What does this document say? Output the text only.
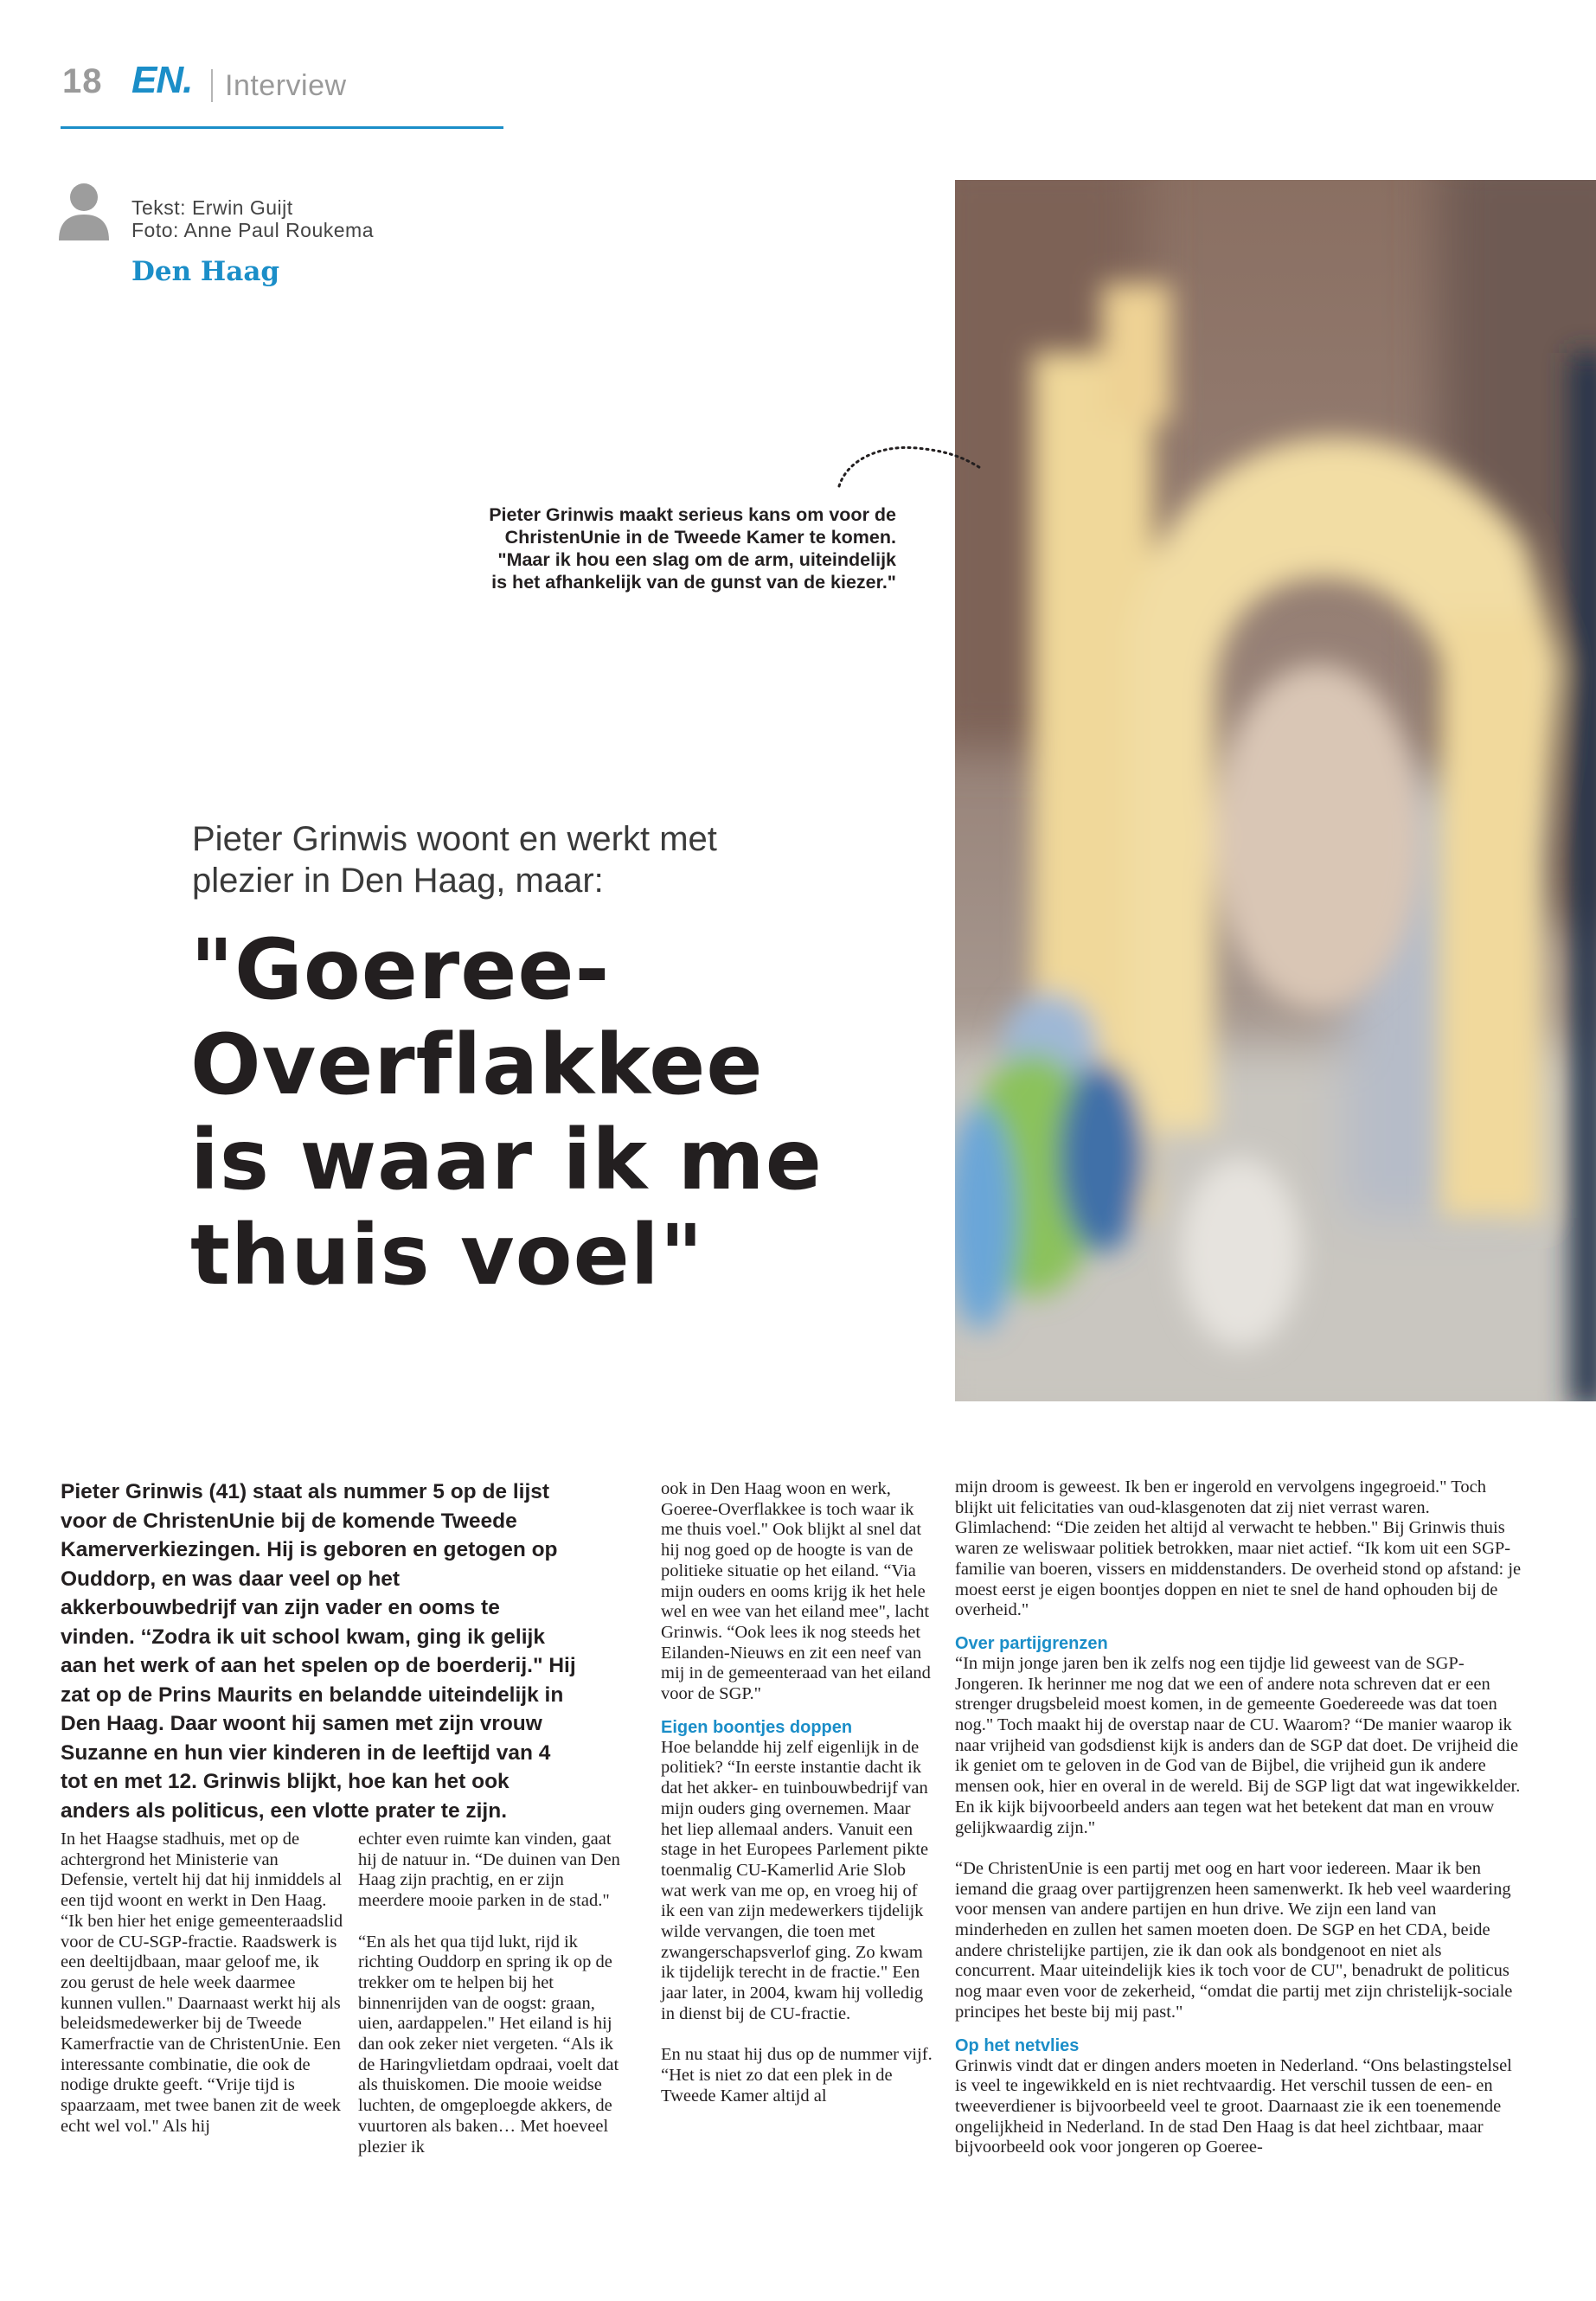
18 EN. Interview
Tekst: Erwin Guijt
Foto: Anne Paul Roukema
Den Haag
Pieter Grinwis maakt serieus kans om voor de ChristenUnie in de Tweede Kamer te komen. "Maar ik hou een slag om de arm, uiteindelijk is het afhankelijk van de gunst van de kiezer."
Pieter Grinwis woont en werkt met plezier in Den Haag, maar:
"Goeree-
Overflakkee
is waar ik me
thuis voel"

Pieter Grinwis (41) staat als nummer 5 op de lijst voor de ChristenUnie bij de komende Tweede Kamerverkiezingen. Hij is geboren en getogen op Ouddorp, en was daar veel op het akkerbouwbedrijf van zijn vader en ooms te vinden. ‘‘Zodra ik uit school kwam, ging ik gelijk aan het werk of aan het spelen op de boerderij." Hij zat op de Prins Maurits en belandde uiteindelijk in Den Haag. Daar woont hij samen met zijn vrouw Suzanne en hun vier kinderen in de leeftijd van 4 tot en met 12. Grinwis blijkt, hoe kan het ook anders als politicus, een vlotte prater te zijn.

In het Haagse stadhuis, met op de achtergrond het Ministerie van Defensie, vertelt hij dat hij inmiddels al een tijd woont en werkt in Den Haag. “Ik ben hier het enige gemeenteraadslid voor de CU-SGP-fractie. Raadswerk is een deeltijdbaan, maar geloof me, ik zou gerust de hele week daarmee kunnen vullen." Daarnaast werkt hij als beleidsmedewerker bij de Tweede Kamerfractie van de ChristenUnie. Een interessante combinatie, die ook de nodige drukte geeft. “Vrije tijd is spaarzaam, met twee banen zit de week echt wel vol." Als hij

echter even ruimte kan vinden, gaat hij de natuur in. “De duinen van Den Haag zijn prachtig, en er zijn meerdere mooie parken in de stad."

“En als het qua tijd lukt, rijd ik richting Ouddorp en spring ik op de trekker om te helpen bij het binnenrijden van de oogst: graan, uien, aardappelen." Het eiland is hij dan ook zeker niet vergeten. “Als ik de Haringvlietdam opdraai, voelt dat als thuiskomen. Die mooie weidse luchten, de omgeploegde akkers, de vuurtoren als baken… Met hoeveel plezier ik

ook in Den Haag woon en werk, Goeree-Overflakkee is toch waar ik me thuis voel." Ook blijkt al snel dat hij nog goed op de hoogte is van de politieke situatie op het eiland. “Via mijn ouders en ooms krijg ik het hele wel en wee van het eiland mee", lacht Grinwis. “Ook lees ik nog steeds het Eilanden-Nieuws en zit een neef van mij in de gemeenteraad van het eiland voor de SGP."

Eigen boontjes doppen

Hoe belandde hij zelf eigenlijk in de politiek? “In eerste instantie dacht ik dat het akker- en tuinbouwbedrijf van mijn ouders ging overnemen. Maar het liep allemaal anders. Vanuit een stage in het Europees Parlement pikte toenmalig CU-Kamerlid Arie Slob wat werk van me op, en vroeg hij of ik een van zijn medewerkers tijdelijk wilde vervangen, die toen met zwangerschapsverlof ging. Zo kwam ik tijdelijk terecht in de fractie." Een jaar later, in 2004, kwam hij volledig in dienst bij de CU-fractie.

En nu staat hij dus op de nummer vijf. “Het is niet zo dat een plek in de Tweede Kamer altijd al

mijn droom is geweest. Ik ben er ingerold en vervolgens ingegroeid." Toch blijkt uit felicitaties van oud-klasgenoten dat zij niet verrast waren. Glimlachend: “Die zeiden het altijd al verwacht te hebben." Bij Grinwis thuis waren ze weliswaar politiek betrokken, maar niet actief. “Ik kom uit een SGP-familie van boeren, vissers en middenstanders. De overheid stond op afstand: je moest eerst je eigen boontjes doppen en niet te snel de hand ophouden bij de overheid."

Over partijgrenzen

“In mijn jonge jaren ben ik zelfs nog een tijdje lid geweest van de SGP-Jongeren. Ik herinner me nog dat we een of andere nota schreven dat er een strenger drugsbeleid moest komen, in de gemeente Goedereede was dat toen nog." Toch maakt hij de overstap naar de CU. Waarom? “De manier waarop ik naar vrijheid van godsdienst kijk is anders dan de SGP dat doet. De vrijheid die ik geniet om te geloven in de God van de Bijbel, die vrijheid gun ik andere mensen ook, hier en overal in de wereld. Bij de SGP ligt dat wat ingewikkelder. En ik kijk bijvoorbeeld anders aan tegen wat het betekent dat man en vrouw gelijkwaardig zijn."

“De ChristenUnie is een partij met oog en hart voor iedereen. Maar ik ben iemand die graag over partijgrenzen heen samenwerkt. Ik heb veel waardering voor mensen van andere partijen en hun drive. We zijn een land van minderheden en zullen het samen moeten doen. De SGP en het CDA, beide andere christelijke partijen, zie ik dan ook als bondgenoot en niet als concurrent. Maar uiteindelijk kies ik toch voor de CU", benadrukt de politicus nog maar even voor de zekerheid, “omdat die partij met zijn christelijk-sociale principes het beste bij mij past."

Op het netvlies

Grinwis vindt dat er dingen anders moeten in Nederland. “Ons belastingstelsel is veel te ingewikkeld en is niet rechtvaardig. Het verschil tussen de een- en tweeverdiener is bijvoorbeeld veel te groot. Daarnaast zie ik een toenemende ongelijkheid in Nederland. In de stad Den Haag is dat heel zichtbaar, maar bijvoorbeeld ook voor jongeren op Goeree-
